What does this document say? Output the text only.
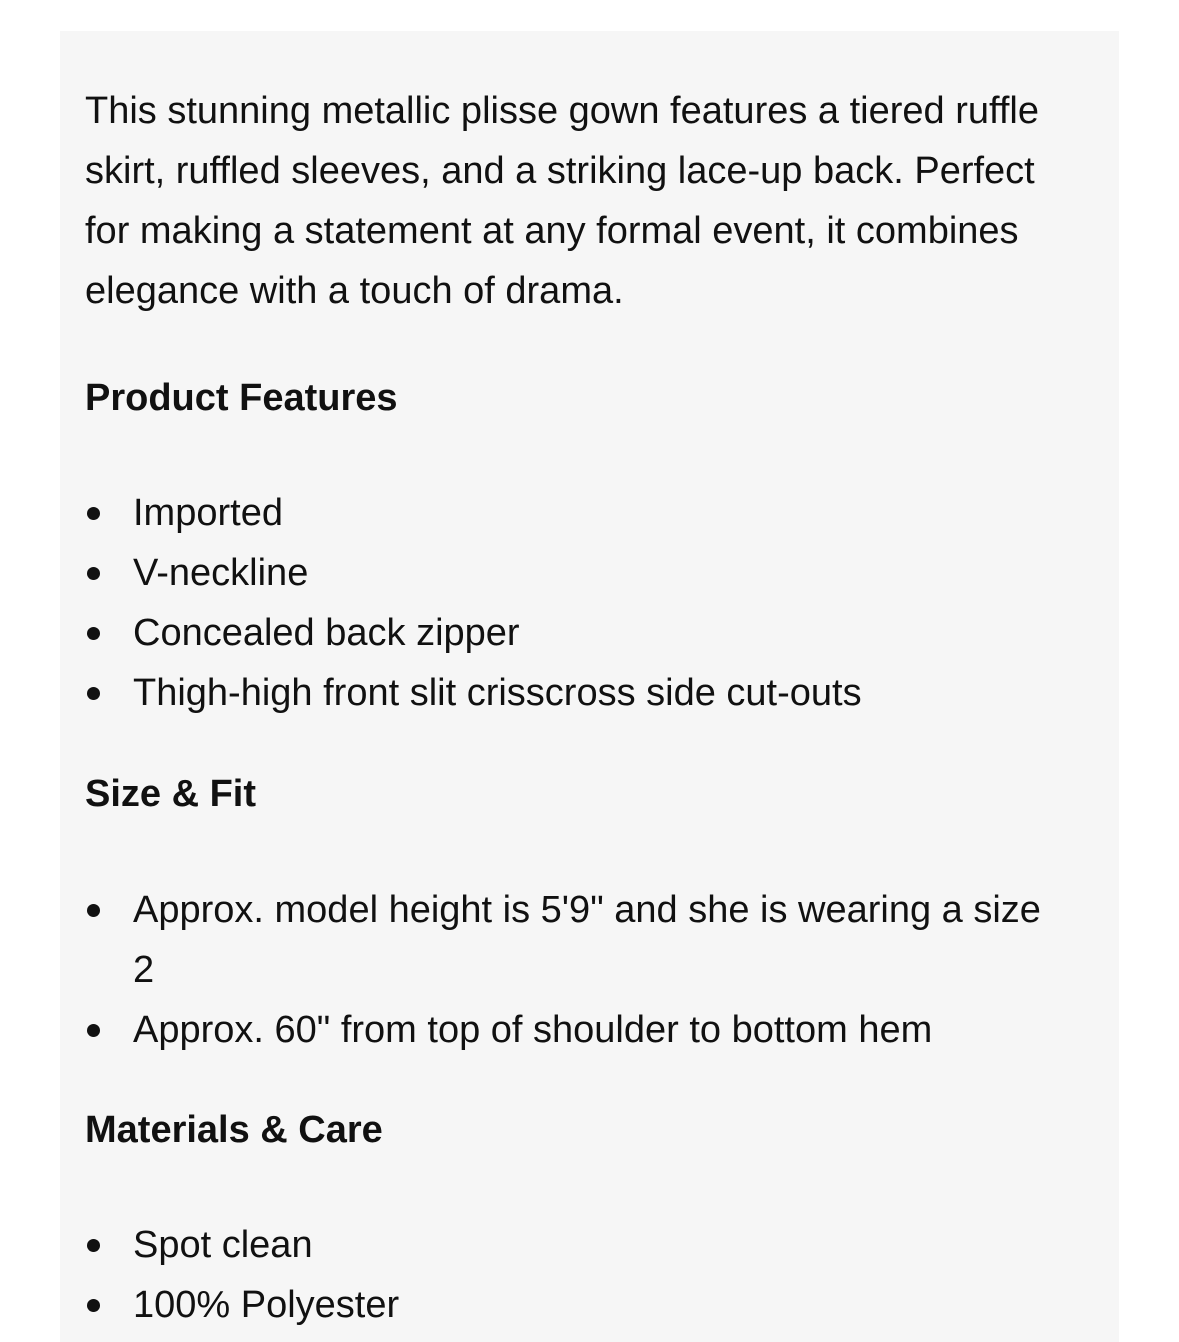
This stunning metallic plisse gown features a tiered ruffle skirt, ruffled sleeves, and a striking lace-up back. Perfect for making a statement at any formal event, it combines elegance with a touch of drama.

Product Features
Imported
V-neckline
Concealed back zipper
Thigh-high front slit crisscross side cut-outs
Size & Fit
Approx. model height is 5'9" and she is wearing a size 2
Approx. 60" from top of shoulder to bottom hem
Materials & Care
Spot clean
100% Polyester
